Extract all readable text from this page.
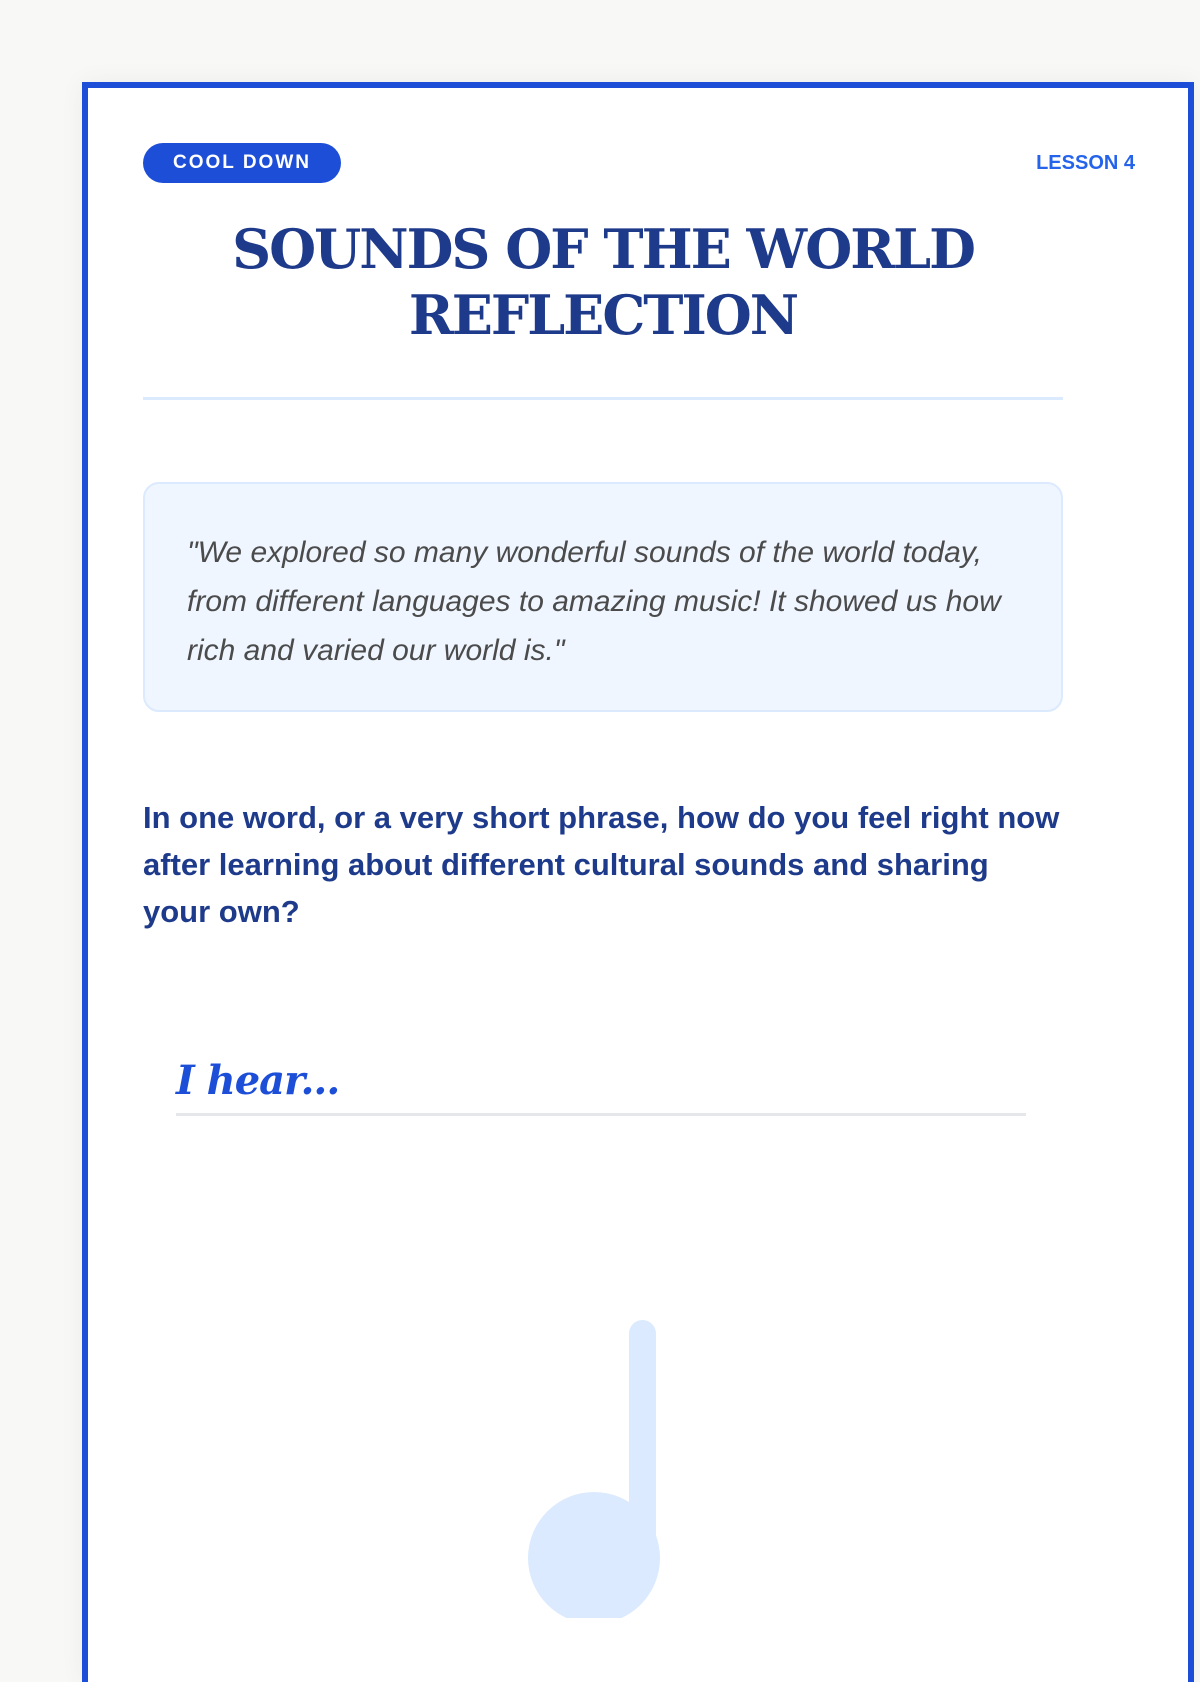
COOL DOWN	LESSON 4
SOUNDS OF THE WORLD
REFLECTION

"We explored so many wonderful sounds of the world today, from different languages to amazing music! It showed us how rich and varied our world is."

In one word, or a very short phrase, how do you feel right now after learning about different cultural sounds and sharing your own?

I hear...
